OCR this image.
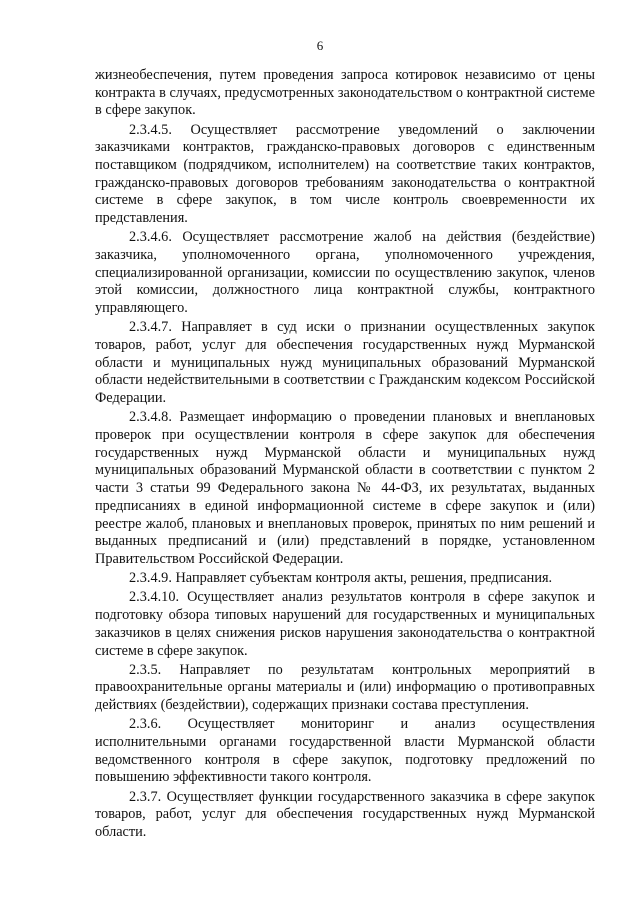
6

жизнеобеспечения, путем проведения запроса котировок независимо от цены контракта в случаях, предусмотренных законодательством о контрактной системе в сфере закупок.

2.3.4.5. Осуществляет рассмотрение уведомлений о заключении заказчиками контрактов, гражданско-правовых договоров с единственным поставщиком (подрядчиком, исполнителем) на соответствие таких контрактов, гражданско-правовых договоров требованиям законодательства о контрактной системе в сфере закупок, в том числе контроль своевременности их представления.

2.3.4.6. Осуществляет рассмотрение жалоб на действия (бездействие) заказчика, уполномоченного органа, уполномоченного учреждения, специализированной организации, комиссии по осуществлению закупок, членов этой комиссии, должностного лица контрактной службы, контрактного управляющего.

2.3.4.7. Направляет в суд иски о признании осуществленных закупок товаров, работ, услуг для обеспечения государственных нужд Мурманской области и муниципальных нужд муниципальных образований Мурманской области недействительными в соответствии с Гражданским кодексом Российской Федерации.

2.3.4.8. Размещает информацию о проведении плановых и внеплановых проверок при осуществлении контроля в сфере закупок для обеспечения государственных нужд Мурманской области и муниципальных нужд муниципальных образований Мурманской области в соответствии с пунктом 2 части 3 статьи 99 Федерального закона № 44-ФЗ, их результатах, выданных предписаниях в единой информационной системе в сфере закупок и (или) реестре жалоб, плановых и внеплановых проверок, принятых по ним решений и выданных предписаний и (или) представлений в порядке, установленном Правительством Российской Федерации.

2.3.4.9. Направляет субъектам контроля акты, решения, предписания.

2.3.4.10. Осуществляет анализ результатов контроля в сфере закупок и подготовку обзора типовых нарушений для государственных и муниципальных заказчиков в целях снижения рисков нарушения законодательства о контрактной системе в сфере закупок.

2.3.5. Направляет по результатам контрольных мероприятий в правоохранительные органы материалы и (или) информацию о противоправных действиях (бездействии), содержащих признаки состава преступления.

2.3.6. Осуществляет мониторинг и анализ осуществления исполнительными органами государственной власти Мурманской области ведомственного контроля в сфере закупок, подготовку предложений по повышению эффективности такого контроля.

2.3.7. Осуществляет функции государственного заказчика в сфере закупок товаров, работ, услуг для обеспечения государственных нужд Мурманской области.
